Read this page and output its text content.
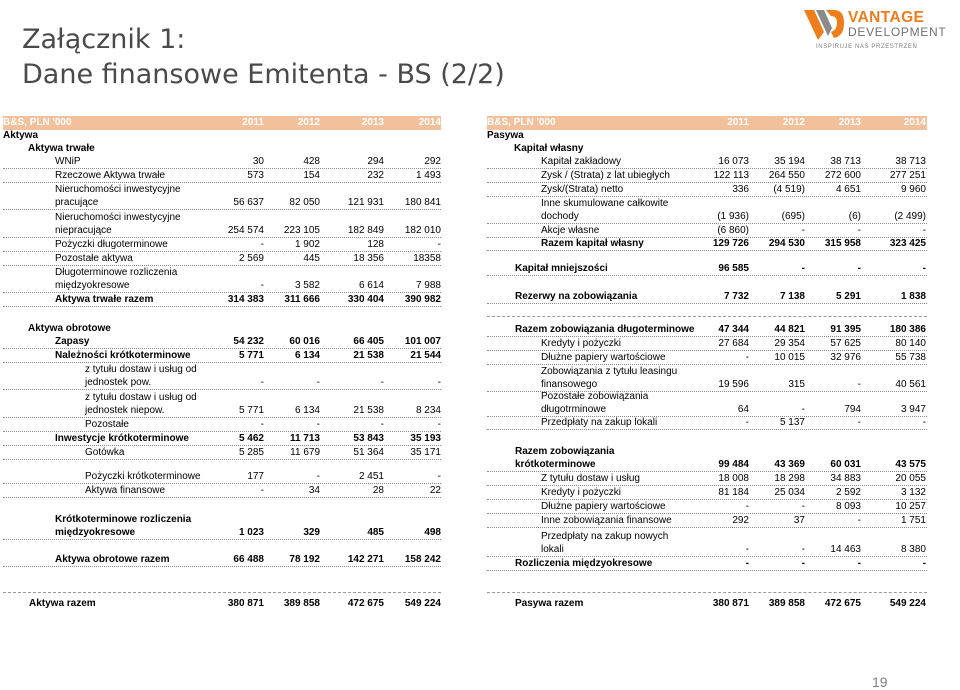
Załącznik 1:
Dane finansowe Emitenta - BS (2/2)
VANTAGE
DEVELOPMENT
INSPIRUJE NAS PRZESTRZEŃ
B&S, PLN '000	2011	2012	2013	2014
Aktywa
Aktywa trwałe
Aktywa obrotowe
WNiP	30	428	294	292
Rzeczowe Aktywa trwałe	573	154	232	1 493
Nieruchomości inwestycyjne
pracujące	56 637	82 050	121 931	180 841
Nieruchomości inwestycyjne
niepracujące	254 574	223 105	182 849	182 010
Pożyczki długoterminowe	-	1 902	128	-
Pozostałe aktywa	2 569	445	18 356	18358
Długoterminowe rozliczenia
międzyokresowe	-	3 582	6 614	7 988
Aktywa trwałe razem	314 383	311 666	330 404	390 982
Zapasy	54 232	60 016	66 405	101 007
Należności krótkoterminowe	5 771	6 134	21 538	21 544
z tytułu dostaw i usług od
jednostek pow.	-	-	-	-
z tytułu dostaw i usług od
jednostek niepow.	5 771	6 134	21 538	8 234
Pozostałe	-	-	-	-
Inwestycje krótkoterminowe	5 462	11 713	53 843	35 193
Gotówka	5 285	11 679	51 364	35 171
Pożyczki krótkoterminowe	177	-	2 451	-
Aktywa finansowe	-	34	28	22
Krótkoterminowe rozliczenia
międzyokresowe	1 023	329	485	498
Aktywa obrotowe razem	66 488	78 192	142 271	158 242
Aktywa razem	380 871	389 858	472 675	549 224
B&S, PLN '000	2011	2012	2013	2014
Pasywa
Kapitał własny
Kapitał zakładowy	16 073	35 194	38 713	38 713
Zysk / (Strata) z lat ubiegłych	122 113	264 550	272 600	277 251
Zysk/(Strata) netto	336	(4 519)	4 651	9 960
Inne skumulowane całkowite
dochody	(1 936)	(695)	(6)	(2 499)
Akcje własne	(6 860)	-	-	-
Razem kapitał własny	129 726	294 530	315 958	323 425
Kapitał mniejszości	96 585	-	-	-
Rezerwy na zobowiązania	7 732	7 138	5 291	1 838
Razem zobowiązania długoterminowe	47 344	44 821	91 395	180 386
Kredyty i pożyczki	27 684	29 354	57 625	80 140
Dłużne papiery wartościowe	-	10 015	32 976	55 738
Zobowiązania z tytułu leasingu
finansowego	19 596	315	-	40 561
Pozostałe zobowiązania
długotrminowe	64	-	794	3 947
Przedpłaty na zakup lokali	-	5 137	-	-
Razem zobowiązania
krótkoterminowe	99 484	43 369	60 031	43 575
Z tytułu dostaw i usług	18 008	18 298	34 883	20 055
Kredyty i pożyczki	81 184	25 034	2 592	3 132
Dłużne papiery wartościowe	-	-	8 093	10 257
Inne zobowiązania finansowe	292	37	-	1 751
Przedpłaty na zakup nowych
lokali	-	-	14 463	8 380
Rozliczenia międzyokresowe	-	-	-	-
Pasywa razem	380 871	389 858	472 675	549 224
19
